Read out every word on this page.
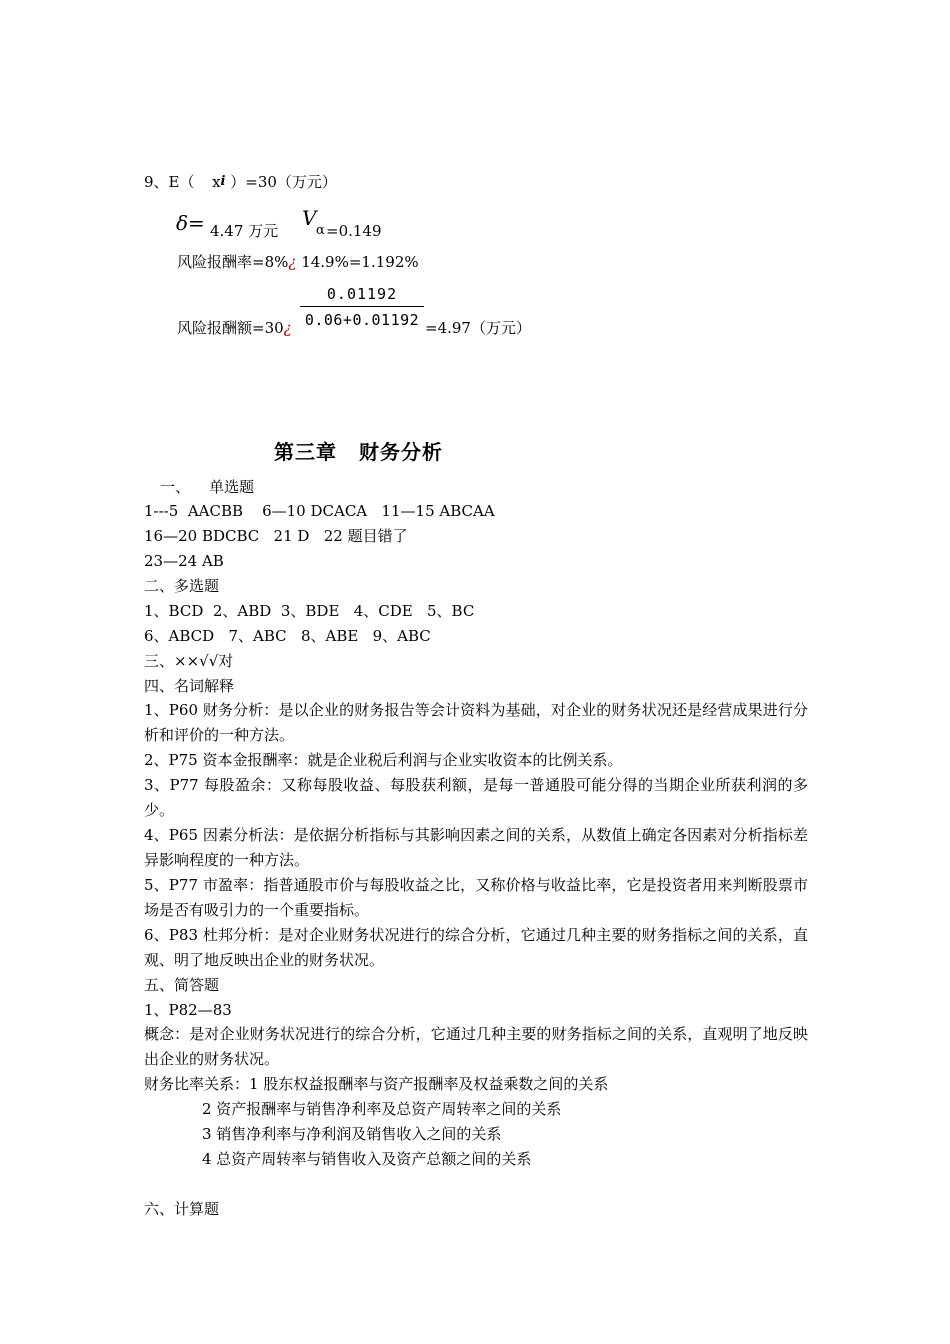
9、E（ xi ）=30（万元）
δ= 4.47 万元
V
α =0.149
风险报酬率=8%¿ 14.9%=1.192%
风险报酬额=30¿
0.01192
0.06+0.01192 =4.97（万元）
第三章 财务分析
一、    单选题
1---5  AACBB    6—10 DCACA   11—15 ABCAA
16—20 BDCBC   21 D   22 题目错了
23—24 AB
二、多选题
1、BCD  2、ABD  3、BDE   4、CDE   5、BC
6、ABCD   7、ABC   8、ABE   9、ABC
三、××√√对
四、名词解释
1、P60 财务分析：是以企业的财务报告等会计资料为基础，对企业的财务状况还是经营成果进行分析和评价的一种方法。
2、P75 资本金报酬率：就是企业税后利润与企业实收资本的比例关系。
3、P77 每股盈余：又称每股收益、每股获利额，是每一普通股可能分得的当期企业所获利润的多少。
4、P65 因素分析法：是依据分析指标与其影响因素之间的关系，从数值上确定各因素对分析指标差异影响程度的一种方法。
5、P77 市盈率：指普通股市价与每股收益之比，又称价格与收益比率，它是投资者用来判断股票市场是否有吸引力的一个重要指标。
6、P83 杜邦分析：是对企业财务状况进行的综合分析，它通过几种主要的财务指标之间的关系，直观、明了地反映出企业的财务状况。
五、简答题
1、P82—83
概念：是对企业财务状况进行的综合分析，它通过几种主要的财务指标之间的关系，直观明了地反映出企业的财务状况。
财务比率关系：1 股东权益报酬率与资产报酬率及权益乘数之间的关系
2 资产报酬率与销售净利率及总资产周转率之间的关系
3 销售净利率与净利润及销售收入之间的关系
4 总资产周转率与销售收入及资产总额之间的关系
六、计算题
